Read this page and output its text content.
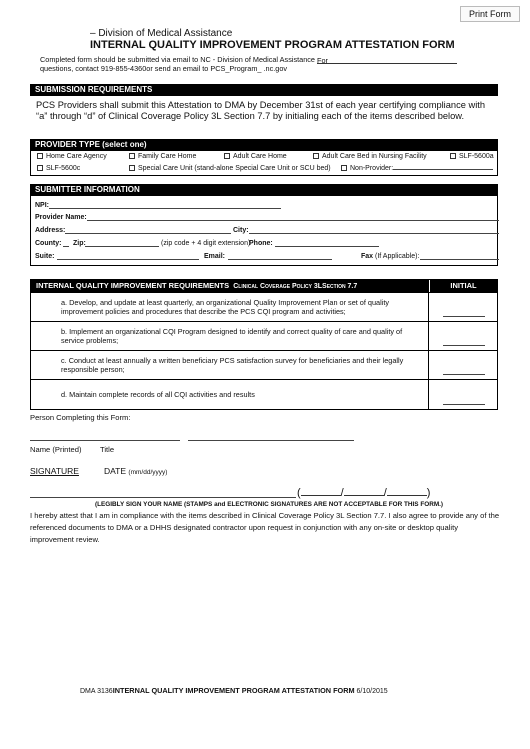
Print Form
– Division of Medical Assistance
INTERNAL QUALITY IMPROVEMENT PROGRAM ATTESTATION FORM
Completed form should be submitted via email to NC - Division of Medical Assistance For
questions, contact 919-855-4360or send an email to PCS_Program_ .nc.gov
SUBMISSION REQUIREMENTS
PCS Providers shall submit this Attestation to DMA by December 31st of each year certifying compliance with “a” through “d” of Clinical Coverage Policy 3L Section 7.7 by initialing each of the items described below.
PROVIDER TYPE (select one)
Home Care Agency	Family Care Home	Adult Care Home	Adult Care Bed in Nursing Facility	SLF-5600a
SLF-5600c	Special Care Unit (stand-alone Special Care Unit or SCU bed)	Non-Provider:
SUBMITTER INFORMATION
NPI:
Provider Name:
Address:	City:
County: Zip:	(zip code + 4 digit extension)
Phone:
Suite:	Email:	Fax (If Applicable):
INTERNAL QUALITY IMPROVEMENT REQUIREMENTS Clinical Coverage Policy 3LSection 7.7	INITIAL
a. Develop, and update at least quarterly, an organizational Quality Improvement Plan or set of quality improvement policies and procedures that describe the PCS CQI program and activities;
b. Implement an organizational CQI Program designed to identify and correct quality of care and quality of service problems;
c. Conduct at least annually a written beneficiary PCS satisfaction survey for beneficiaries and their legally responsible person;
d. Maintain complete records of all CQI activities and results
Person Completing this Form:
Name (Printed) Title
SIGNATURE	DATE (mm/dd/yyyy)
(	/	/	)
(LEGIBLY SIGN YOUR NAME (STAMPS and ELECTRONIC SIGNATURES ARE NOT ACCEPTABLE FOR THIS FORM.)
I hereby attest that I am in compliance with the items described in Clinical Coverage Policy 3L Section 7.7. I also agree to provide any of the referenced documents to DMA or a DHHS designated contractor upon request in conjunction with any on-site or desktop quality improvement review.
DMA 3136INTERNAL QUALITY IMPROVEMENT PROGRAM ATTESTATION FORM 6/10/2015
